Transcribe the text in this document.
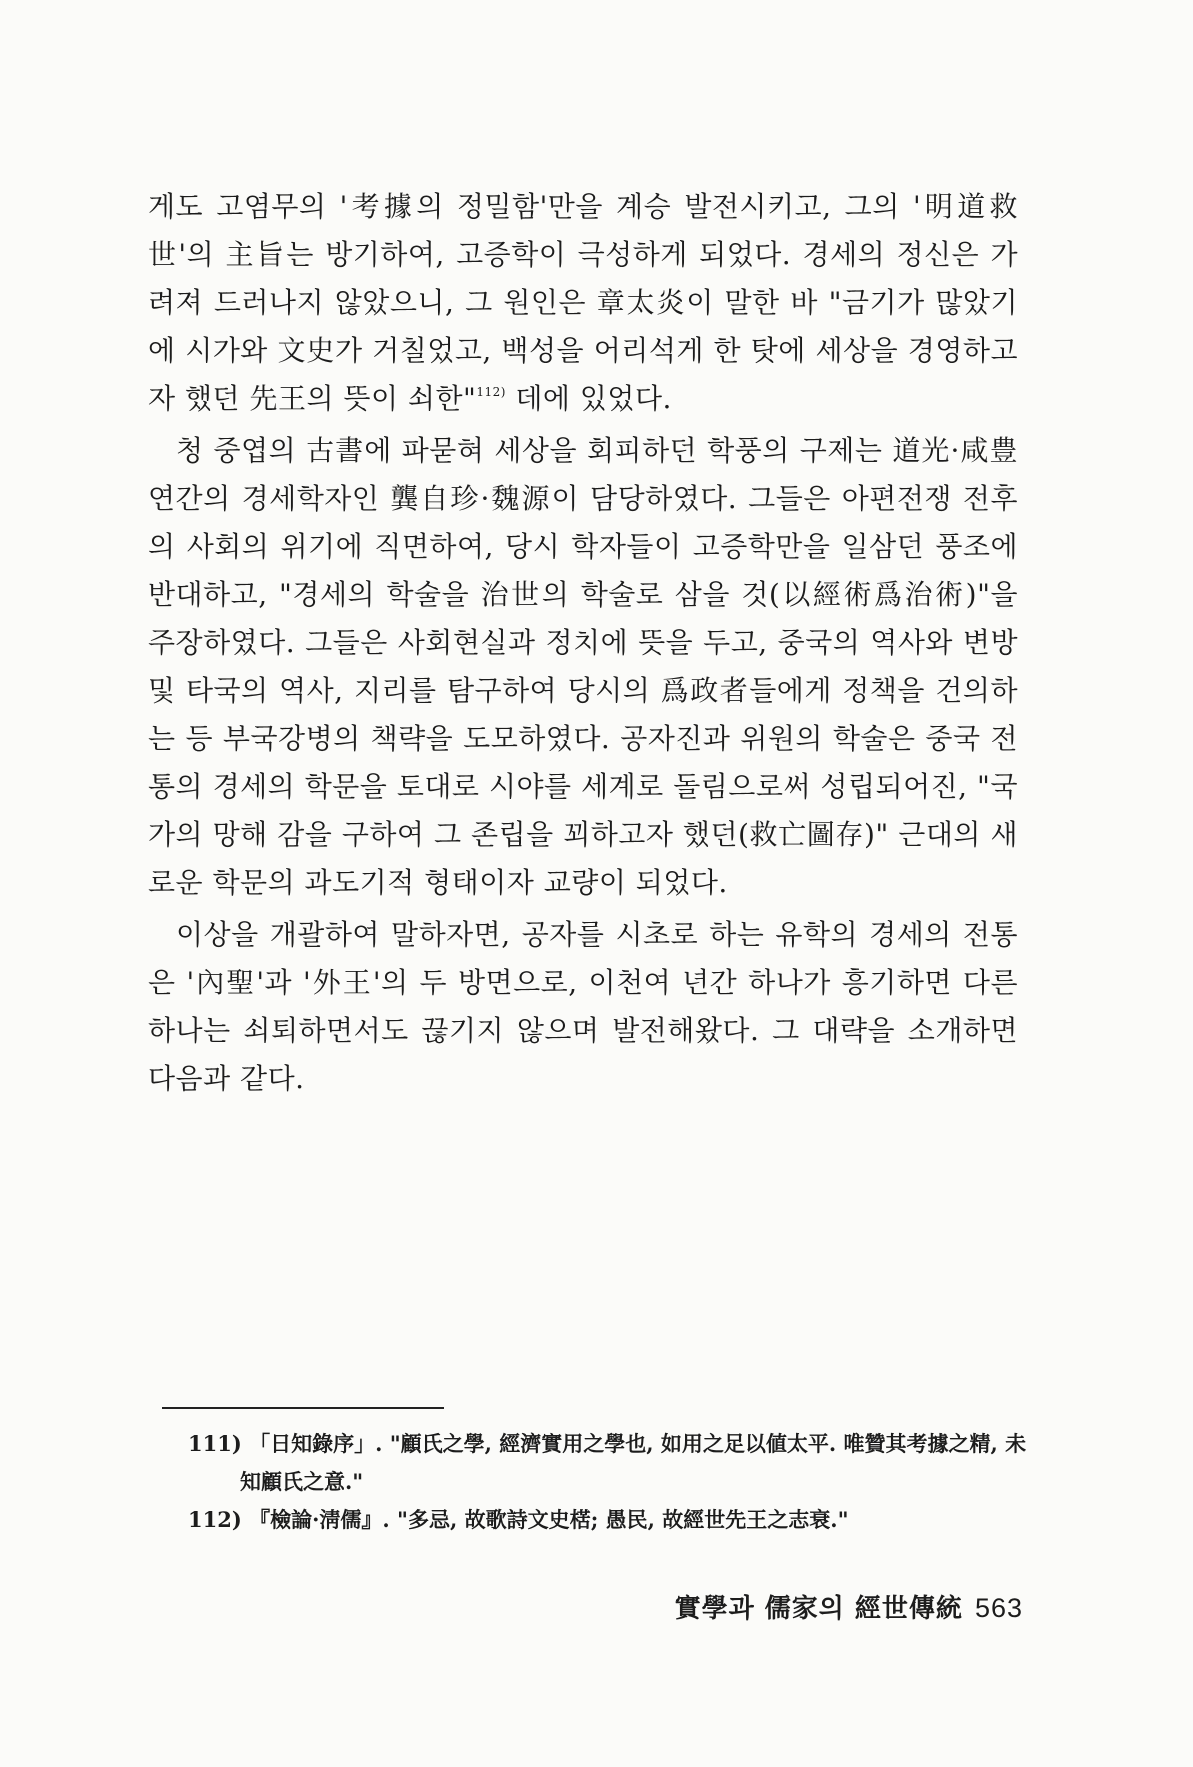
게도 고염무의 '考據의 정밀함'만을 계승 발전시키고, 그의 '明道救世'의 主旨는 방기하여, 고증학이 극성하게 되었다. 경세의 정신은 가려져 드러나지 않았으니, 그 원인은 章太炎이 말한 바 "금기가 많았기에 시가와 文史가 거칠었고, 백성을 어리석게 한 탓에 세상을 경영하고자 했던 先王의 뜻이 쇠한"$^{112)}$ 데에 있었다.

청 중엽의 古書에 파묻혀 세상을 회피하던 학풍의 구제는 道光·咸豊 연간의 경세학자인 龔自珍·魏源이 담당하였다. 그들은 아편전쟁 전후의 사회의 위기에 직면하여, 당시 학자들이 고증학만을 일삼던 풍조에 반대하고, "경세의 학술을 治世의 학술로 삼을 것(以經術爲治術)"을 주장하였다. 그들은 사회현실과 정치에 뜻을 두고, 중국의 역사와 변방 및 타국의 역사, 지리를 탐구하여 당시의 爲政者들에게 정책을 건의하는 등 부국강병의 책략을 도모하였다. 공자진과 위원의 학술은 중국 전통의 경세의 학문을 토대로 시야를 세계로 돌림으로써 성립되어진, "국가의 망해 감을 구하여 그 존립을 꾀하고자 했던(救亡圖存)" 근대의 새로운 학문의 과도기적 형태이자 교량이 되었다.

이상을 개괄하여 말하자면, 공자를 시초로 하는 유학의 경세의 전통은 '內聖'과 '外王'의 두 방면으로, 이천여 년간 하나가 흥기하면 다른 하나는 쇠퇴하면서도 끊기지 않으며 발전해왔다. 그 대략을 소개하면 다음과 같다.

111) 「日知錄序」. "顧氏之學, 經濟實用之學也, 如用之足以値太平. 唯贊其考據之精, 未知顧氏之意."

112) 『檢論·淸儒』. "多忌, 故歌詩文史楛; 愚民, 故經世先王之志衰."

實學과 儒家의 經世傳統 563
